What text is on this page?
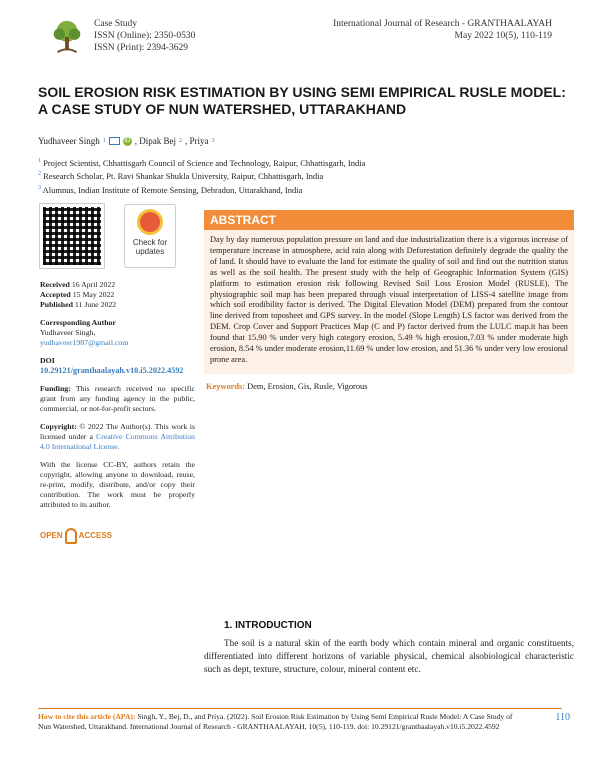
Case Study
ISSN (Online): 2350-0530
ISSN (Print): 2394-3629
International Journal of Research - GRANTHAALAYAH
May 2022 10(5), 110-119
SOIL EROSION RISK ESTIMATION BY USING SEMI EMPIRICAL RUSLE MODEL: A CASE STUDY OF NUN WATERSHED, UTTARAKHAND
Yudhaveer Singh 1	iD , Dipak Bej 2 , Priya 3
$^1$ Project Scientist, Chhattisgarh Council of Science and Technology, Raipur, Chhattisgarh, India
$^2$ Research Scholar, Pt. Ravi Shankar Shukla University, Raipur, Chhattisgarh, India
$^3$ Alumnus, Indian Institute of Remote Sensing, Dehradun, Uttarakhand, India
Check for
updates

Received 16 April 2022
Accepted 15 May 2022
Published 11 June 2022

Corresponding Author
Yudhaveer Singh,
yudhaveer1987@gmail.com

DOI
10.29121/granthaalayah.v10.i5.2022.4592

Funding: This research received no specific grant from any funding agency in the public, commercial, or not-for-profit sectors.

Copyright: © 2022 The Author(s). This work is licensed under a Creative Commons Attribution 4.0 International License.

With the license CC-BY, authors retain the copyright, allowing anyone to download, reuse, re-print, modify, distribute, and/or copy their contribution. The work must be properly attributed to its author.

OPEN ACCESS
ABSTRACT
Day by day numerous population pressure on land and due industrialization there is a vigorous increase of temperature increase in atmosphere, acid rain along with Deforestation definitely degrade the quality the of land. It should have to evaluate the land for estimate the quality of soil and find out the nutrition status as well as the soil health. The present study with the help of Geographic Information System (GIS) platform to estimation erosion risk following Revised Soil Loss Erosion Model (RUSLE). The physiographic soil map has been prepared through visual interpretation of LISS-4 satellite image from which soil erodibility factor is derived. The Digital Elevation Model (DEM) prepared from the contour line derived from toposheet and GPS survey. In the model (Slope Length) LS factor was derived from the DEM. Crop Cover and Support Practices Map (C and P) factor derived from the LULC map.it has been found that 15.90 % under very high category erosion, 5.49 % high erosion,7.03 % under moderate high erosion, 8.54 % under moderate erosion,11.69 % under low erosion, and 51.36 % under very low erosional prone area.
Keywords: Dem, Erosion, Gis, Rusle, Vigorous
1. INTRODUCTION
The soil is a natural skin of the earth body which contain mineral and organic constituents, differentiated into different horizons of variable physical, chemical alsobiological characteristic such as dept, texture, structure, colour, mineral content etc.
How to cite this article (APA): Singh, Y., Bej, D., and Priya. (2022). Soil Erosion Risk Estimation by Using Semi Empirical Rusle Model: A Case Study of Nun Watershed, Uttarakhand. International Journal of Research - GRANTHAALAYAH, 10(5), 110-119. doi: 10.29121/granthaalayah.v10.i5.2022.4592
110
